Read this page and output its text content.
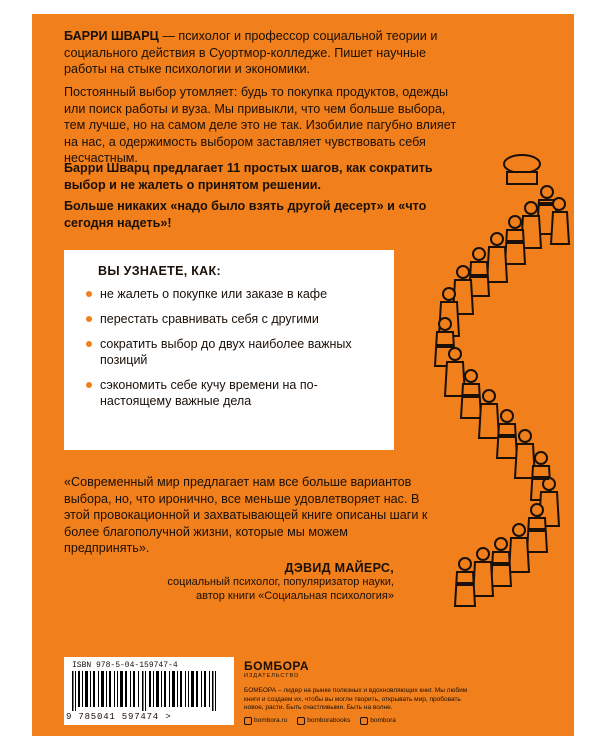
БАРРИ ШВАРЦ — психолог и профессор социальной теории и социального действия в Суортмор-колледже. Пишет научные работы на стыке психологии и экономики.

Постоянный выбор утомляет: будь то покупка продуктов, одежды или поиск работы и вуза. Мы привыкли, что чем больше выбора, тем лучше, но на самом деле это не так. Изобилие пагубно влияет на нас, а одержимость выбором заставляет чувствовать себя несчастным.

Барри Шварц предлагает 11 простых шагов, как сократить выбор и не жалеть о принятом решении.

Больше никаких «надо было взять другой десерт» и «что сегодня надеть»!

ВЫ УЗНАЕТЕ, КАК:
не жалеть о покупке или заказе в кафе
перестать сравнивать себя с другими
сократить выбор до двух наиболее важных позиций
сэкономить себе кучу времени на по-настоящему важные дела

«Современный мир предлагает нам все больше вариантов выбора, но, что иронично, все меньше удовлетворяет нас. В этой провокационной и захватывающей книге описаны шаги к более благополучной жизни, которые мы можем предпринять».

ДЭВИД МАЙЕРС,
социальный психолог, популяризатор науки,
автор книги «Социальная психология»
ISBN 978-5-04-159747-4
9 785041 597474 >
БОМБОРА
ИЗДАТЕЛЬСТВО
БОМБОРА – лидер на рынке полезных и вдохновляющих книг. Мы любим книги и создаем их, чтобы вы могли творить, открывать мир, пробовать новое, расти. Быть счастливыми. Быть на волне.
bombora.ru	bomborabooks	bombora
